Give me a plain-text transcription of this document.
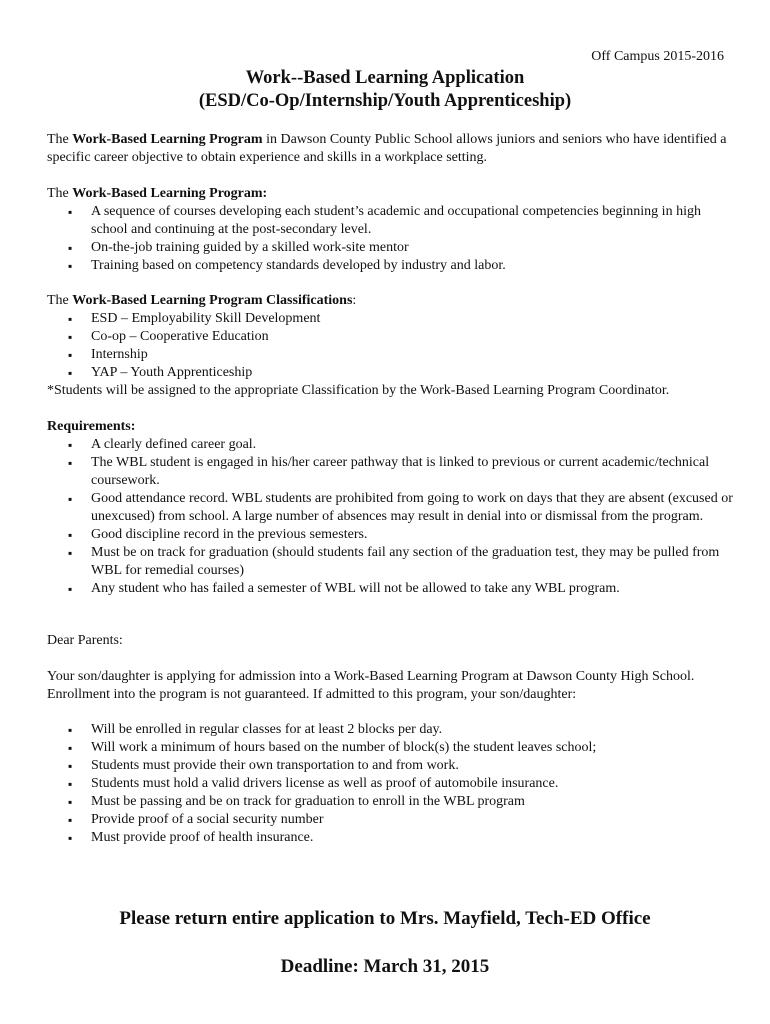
Off Campus 2015-2016
Work--Based Learning Application
(ESD/Co-Op/Internship/Youth Apprenticeship)

The Work-Based Learning Program in Dawson County Public School allows juniors and seniors who have identified a specific career objective to obtain experience and skills in a workplace setting.

The Work-Based Learning Program:
▪ A sequence of courses developing each student’s academic and occupational competencies beginning in high school and continuing at the post-secondary level.
▪ On-the-job training guided by a skilled work-site mentor
▪ Training based on competency standards developed by industry and labor.
The Work-Based Learning Program Classifications:
▪ ESD – Employability Skill Development
▪ Co-op – Cooperative Education
▪ Internship
▪ YAP – Youth Apprenticeship
*Students will be assigned to the appropriate Classification by the Work-Based Learning Program Coordinator.
Requirements:
▪ A clearly defined career goal.
▪ The WBL student is engaged in his/her career pathway that is linked to previous or current academic/technical coursework.
▪ Good attendance record. WBL students are prohibited from going to work on days that they are absent (excused or unexcused) from school. A large number of absences may result in denial into or dismissal from the program.
▪ Good discipline record in the previous semesters.
▪ Must be on track for graduation (should students fail any section of the graduation test, they may be pulled from WBL for remedial courses)
▪ Any student who has failed a semester of WBL will not be allowed to take any WBL program.
Dear Parents:

Your son/daughter is applying for admission into a Work-Based Learning Program at Dawson County High School. Enrollment into the program is not guaranteed. If admitted to this program, your son/daughter:

▪ Will be enrolled in regular classes for at least 2 blocks per day.
▪ Will work a minimum of hours based on the number of block(s) the student leaves school;
▪ Students must provide their own transportation to and from work.
▪ Students must hold a valid drivers license as well as proof of automobile insurance.
▪ Must be passing and be on track for graduation to enroll in the WBL program
▪ Provide proof of a social security number
▪ Must provide proof of health insurance.
Please return entire application to Mrs. Mayfield, Tech-ED Office
Deadline: March 31, 2015
